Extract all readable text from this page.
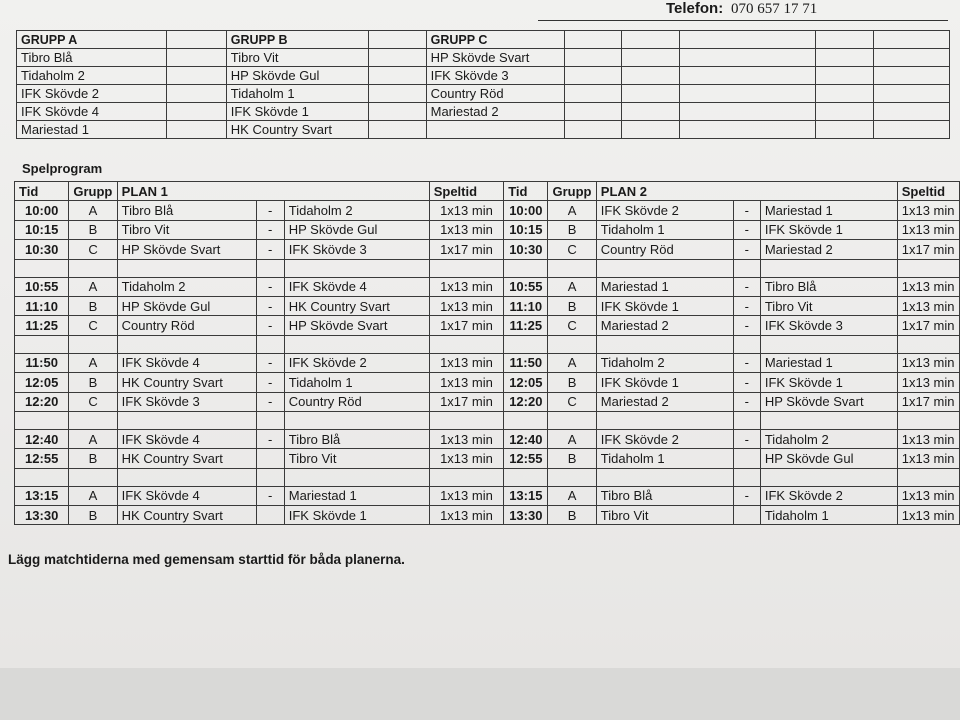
Telefon: 070 657 17 71
GRUPP A		GRUPP B		GRUPP C					
Tibro Blå		Tibro Vit		HP Skövde Svart					
Tidaholm 2		HP Skövde Gul		IFK Skövde 3					
IFK Skövde 2		Tidaholm 1		Country Röd					
IFK Skövde 4		IFK Skövde 1		Mariestad 2					
Mariestad 1		HK Country Svart							
Spelprogram
Tid	Grupp	PLAN 1			Speltid	Tid	Grupp	PLAN 2			Speltid
10:00	A	Tibro Blå	-	Tidaholm 2	1x13 min	10:00	A	IFK Skövde 2	-	Mariestad 1	1x13 min
10:15	B	Tibro Vit	-	HP Skövde Gul	1x13 min	10:15	B	Tidaholm 1	-	IFK Skövde 1	1x13 min
10:30	C	HP Skövde Svart	-	IFK Skövde 3	1x17 min	10:30	C	Country Röd	-	Mariestad 2	1x17 min

10:55	A	Tidaholm 2	-	IFK Skövde 4	1x13 min	10:55	A	Mariestad 1	-	Tibro Blå	1x13 min
11:10	B	HP Skövde Gul	-	HK Country Svart	1x13 min	11:10	B	IFK Skövde 1	-	Tibro Vit	1x13 min
11:25	C	Country Röd	-	HP Skövde Svart	1x17 min	11:25	C	Mariestad 2	-	IFK Skövde 3	1x17 min

11:50	A	IFK Skövde 4	-	IFK Skövde 2	1x13 min	11:50	A	Tidaholm 2	-	Mariestad 1	1x13 min
12:05	B	HK Country Svart	-	Tidaholm 1	1x13 min	12:05	B	IFK Skövde 1	-	IFK Skövde 1	1x13 min
12:20	C	IFK Skövde 3	-	Country Röd	1x17 min	12:20	C	Mariestad 2	-	HP Skövde Svart	1x17 min

12:40	A	IFK Skövde 4	-	Tibro Blå	1x13 min	12:40	A	IFK Skövde 2	-	Tidaholm 2	1x13 min
12:55	B	HK Country Svart		Tibro Vit	1x13 min	12:55	B	Tidaholm 1		HP Skövde Gul	1x13 min

13:15	A	IFK Skövde 4	-	Mariestad 1	1x13 min	13:15	A	Tibro Blå	-	IFK Skövde 2	1x13 min
13:30	B	HK Country Svart		IFK Skövde 1	1x13 min	13:30	B	Tibro Vit		Tidaholm 1	1x13 min
Lägg matchtiderna med gemensam starttid för båda planerna.
